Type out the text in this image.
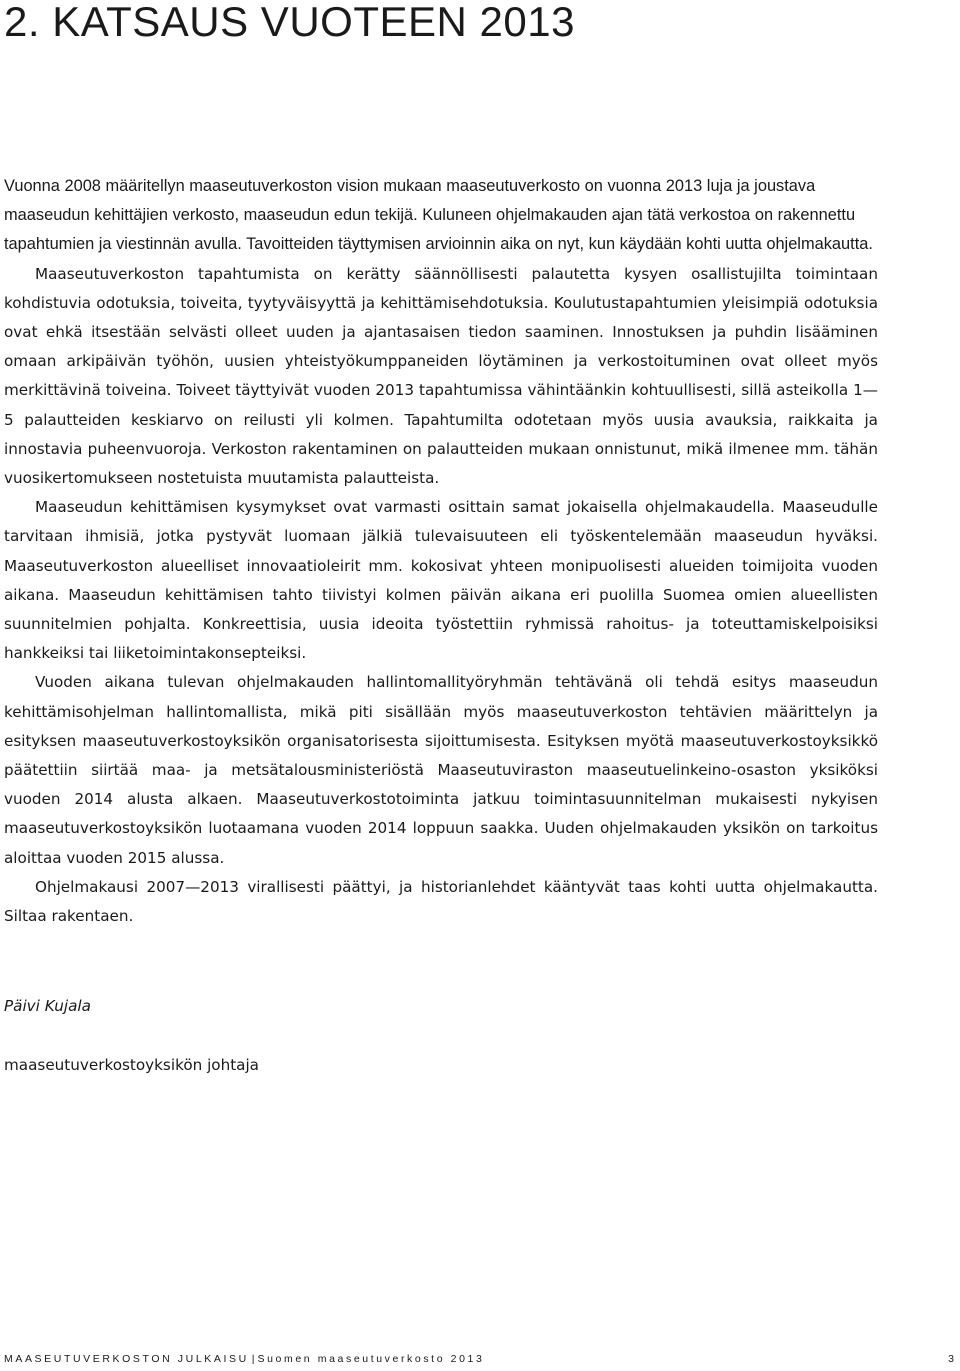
2. KATSAUS VUOTEEN 2013

Vuonna 2008 määritellyn maaseutuverkoston vision mukaan maaseutuverkosto on vuonna 2013 luja ja joustava maaseudun kehittäjien verkosto, maaseudun edun tekijä. Kuluneen ohjelmakauden ajan tätä verkostoa on rakennettu tapahtumien ja viestinnän avulla. Tavoitteiden täyttymisen arvioinnin aika on nyt, kun käydään kohti uutta ohjelmakautta.

Maaseutuverkoston tapahtumista on kerätty säännöllisesti palautetta kysyen osallistujilta toimintaan kohdistuvia odotuksia, toiveita, tyytyväisyyttä ja kehittämisehdotuksia. Koulutustapahtumien yleisimpiä odotuksia ovat ehkä itsestään selvästi olleet uuden ja ajantasaisen tiedon saaminen. Innostuksen ja puhdin lisääminen omaan arkipäivän työhön, uusien yhteistyökumppaneiden löytäminen ja verkostoituminen ovat olleet myös merkittävinä toiveina. Toiveet täyttyivät vuoden 2013 tapahtumissa vähintäänkin kohtuullisesti, sillä asteikolla 1—5 palautteiden keskiarvo on reilusti yli kolmen. Tapahtumilta odotetaan myös uusia avauksia, raikkaita ja innostavia puheenvuoroja. Verkoston rakentaminen on palautteiden mukaan onnistunut, mikä ilmenee mm. tähän vuosikertomukseen nostetuista muutamista palautteista.

Maaseudun kehittämisen kysymykset ovat varmasti osittain samat jokaisella ohjelmakaudella. Maaseudulle tarvitaan ihmisiä, jotka pystyvät luomaan jälkiä tulevaisuuteen eli työskentelemään maaseudun hyväksi. Maaseutuverkoston alueelliset innovaatioleirit mm. kokosivat yhteen monipuolisesti alueiden toimijoita vuoden aikana. Maaseudun kehittämisen tahto tiivistyi kolmen päivän aikana eri puolilla Suomea omien alueellisten suunnitelmien pohjalta. Konkreettisia, uusia ideoita työstettiin ryhmissä rahoitus- ja toteuttamiskelpoisiksi hankkeiksi tai liiketoimintakonsepteiksi.

Vuoden aikana tulevan ohjelmakauden hallintomallityöryhmän tehtävänä oli tehdä esitys maaseudun kehittämisohjelman hallintomallista, mikä piti sisällään myös maaseutuverkoston tehtävien määrittelyn ja esityksen maaseutuverkostoyksikön organisatorisesta sijoittumisesta. Esityksen myötä maaseutuverkostoyksikkö päätettiin siirtää maa- ja metsätalousministeriöstä Maaseutuviraston maaseutuelinkeino-osaston yksiköksi vuoden 2014 alusta alkaen. Maaseutuverkostotoiminta jatkuu toimintasuunnitelman mukaisesti nykyisen maaseutuverkostoyksikön luotaamana vuoden 2014 loppuun saakka. Uuden ohjelmakauden yksikön on tarkoitus aloittaa vuoden 2015 alussa.

Ohjelmakausi 2007—2013 virallisesti päättyi, ja historianlehdet kääntyvät taas kohti uutta ohjelmakautta. Siltaa rakentaen.

Päivi Kujala
maaseutuverkostoyksikön johtaja
MAASEUTUVERKOSTON JULKAISU | Suomen maaseutuverkosto 2013	3
